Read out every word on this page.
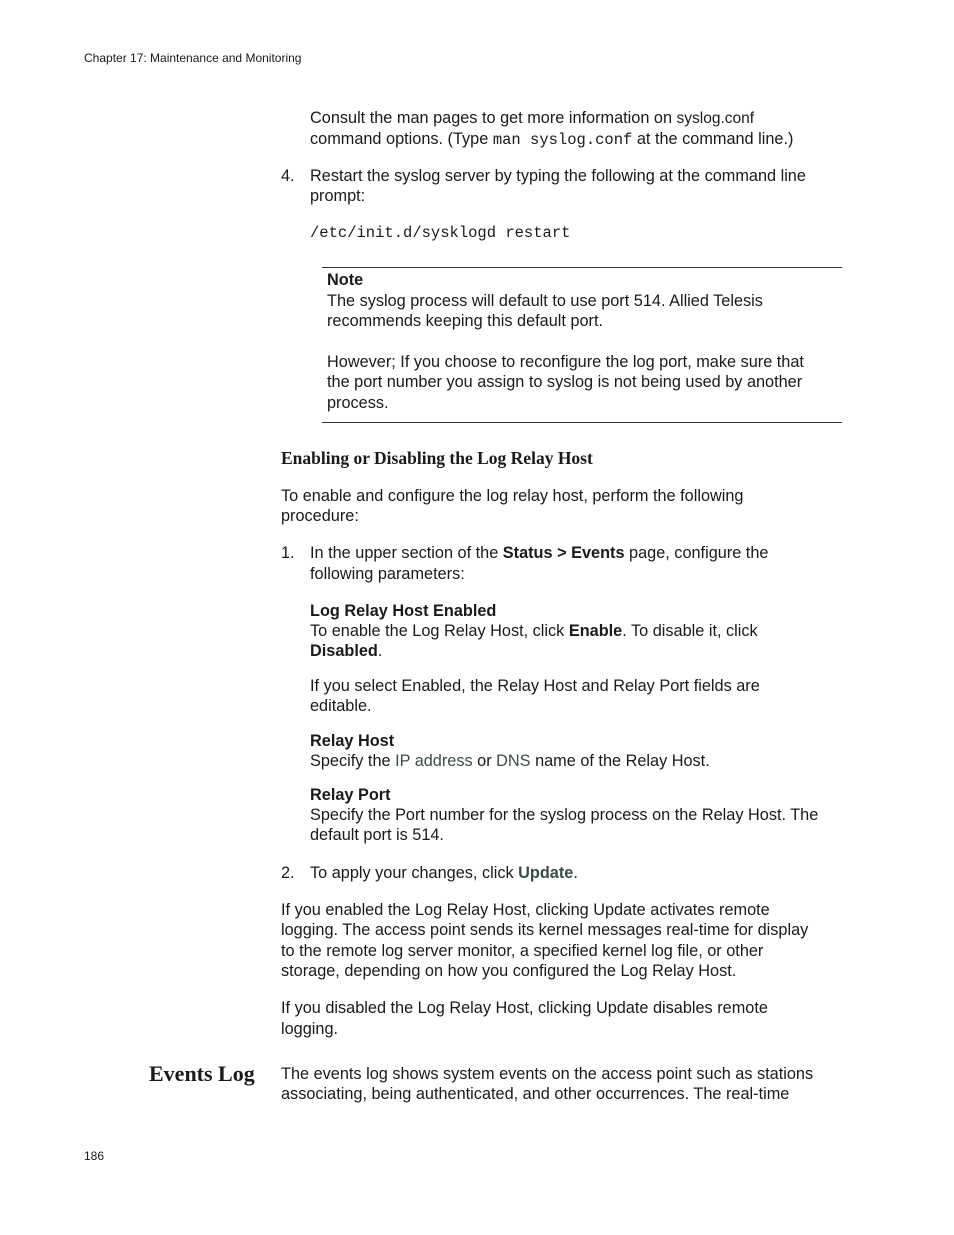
Chapter 17: Maintenance and Monitoring
Consult the man pages to get more information on syslog.conf
command options. (Type man syslog.conf at the command line.)
4. Restart the syslog server by typing the following at the command line
prompt:
/etc/init.d/sysklogd restart
Note
The syslog process will default to use port 514. Allied Telesis
recommends keeping this default port.
However; If you choose to reconfigure the log port, make sure that
the port number you assign to syslog is not being used by another
process.
Enabling or Disabling the Log Relay Host
To enable and configure the log relay host, perform the following
procedure:
1. In the upper section of the Status > Events page, configure the
following parameters:
Log Relay Host Enabled
To enable the Log Relay Host, click Enable. To disable it, click
Disabled.
If you select Enabled, the Relay Host and Relay Port fields are
editable.
Relay Host
Specify the IP address or DNS name of the Relay Host.
Relay Port
Specify the Port number for the syslog process on the Relay Host. The
default port is 514.
2. To apply your changes, click Update.
If you enabled the Log Relay Host, clicking Update activates remote
logging. The access point sends its kernel messages real-time for display
to the remote log server monitor, a specified kernel log file, or other
storage, depending on how you configured the Log Relay Host.
If you disabled the Log Relay Host, clicking Update disables remote
logging.
Events Log The events log shows system events on the access point such as stations
associating, being authenticated, and other occurrences. The real-time
186
